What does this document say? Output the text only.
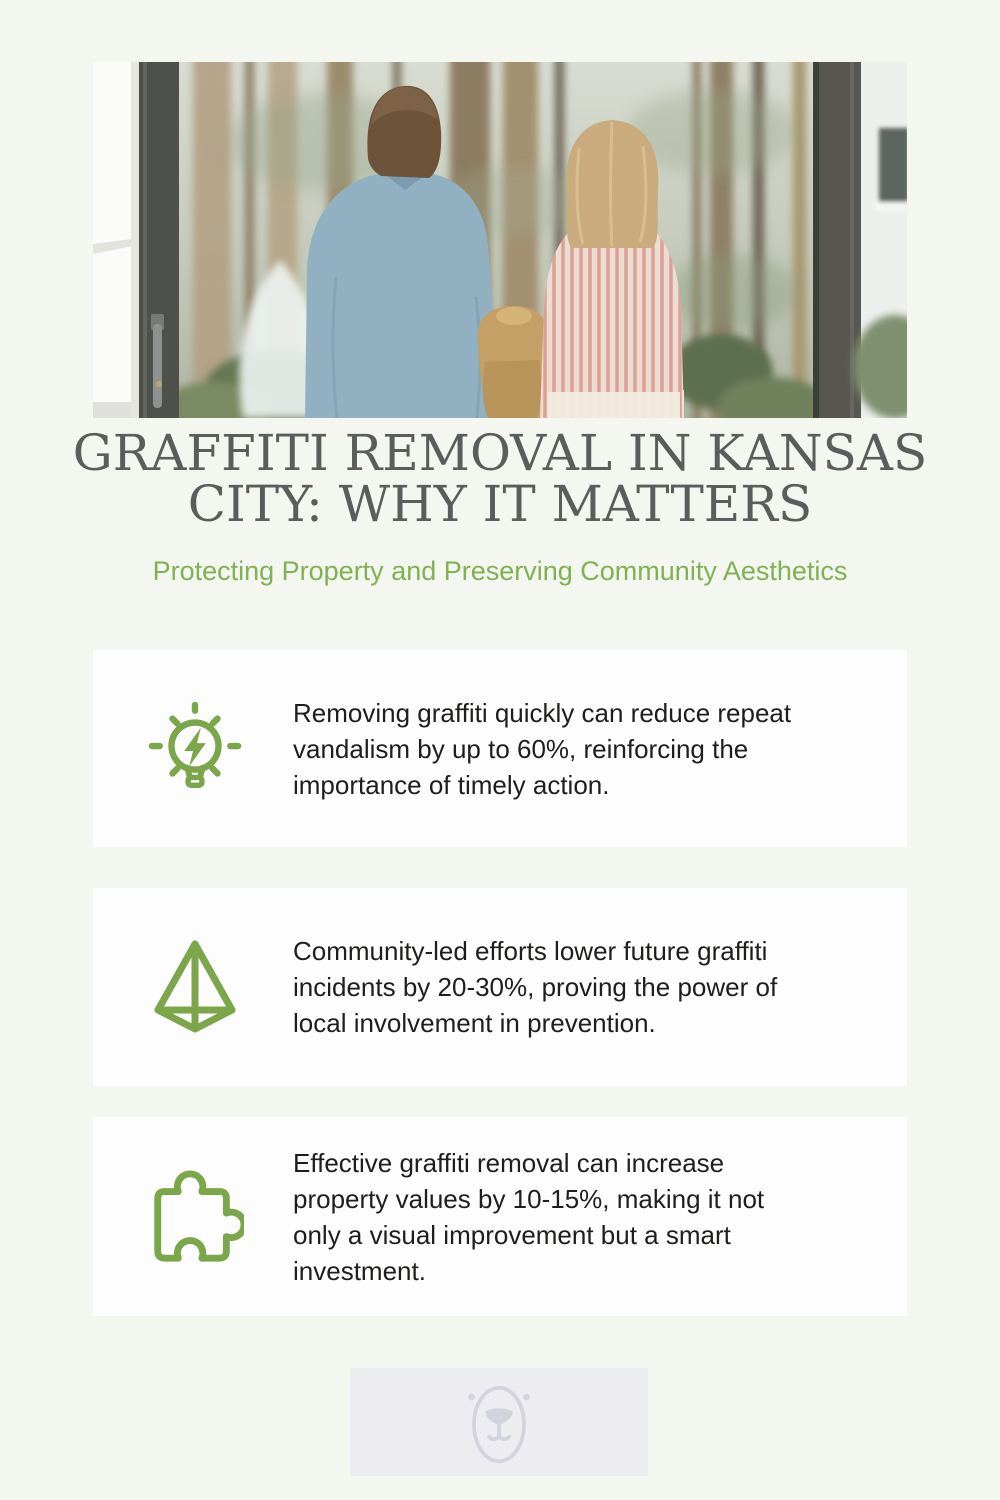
GRAFFITI REMOVAL IN KANSAS
CITY: WHY IT MATTERS
Protecting Property and Preserving Community Aesthetics

Removing graffiti quickly can reduce repeat vandalism by up to 60%, reinforcing the importance of timely action.

Community-led efforts lower future graffiti incidents by 20-30%, proving the power of local involvement in prevention.

Effective graffiti removal can increase property values by 10-15%, making it not only a visual improvement but a smart investment.
